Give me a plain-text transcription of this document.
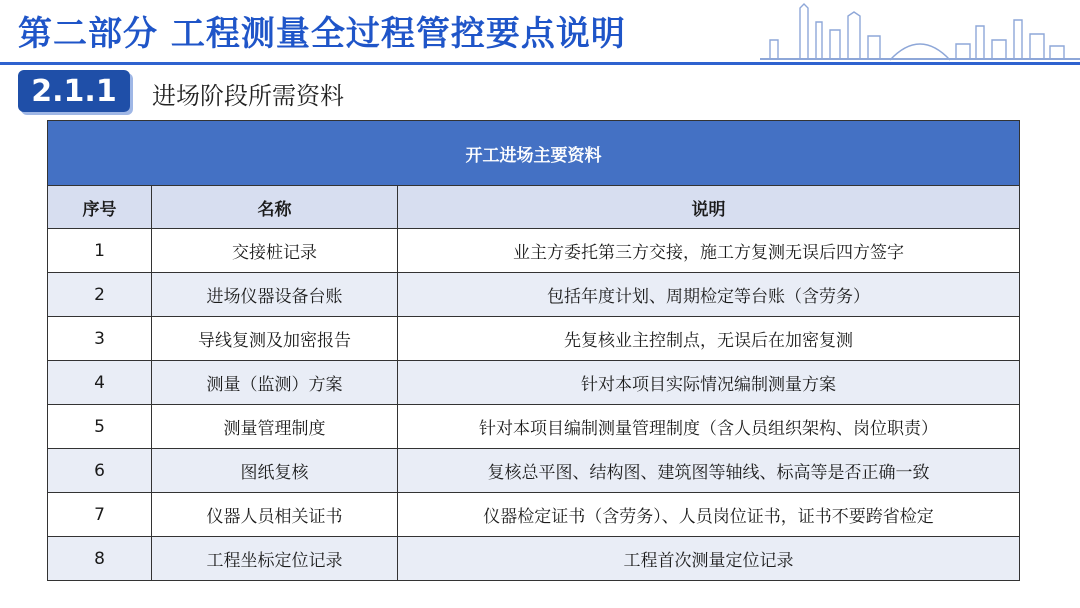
第二部分 工程测量全过程管控要点说明
2.1.1	进场阶段所需资料
开工进场主要资料		
序号	名称	说明
1	交接桩记录	业主方委托第三方交接，施工方复测无误后四方签字
2	进场仪器设备台账	包括年度计划、周期检定等台账（含劳务）
3	导线复测及加密报告	先复核业主控制点，无误后在加密复测
4	测量（监测）方案	针对本项目实际情况编制测量方案
5	测量管理制度	针对本项目编制测量管理制度（含人员组织架构、岗位职责）
6	图纸复核	复核总平图、结构图、建筑图等轴线、标高等是否正确一致
7	仪器人员相关证书	仪器检定证书（含劳务）、人员岗位证书，证书不要跨省检定
8	工程坐标定位记录	工程首次测量定位记录
